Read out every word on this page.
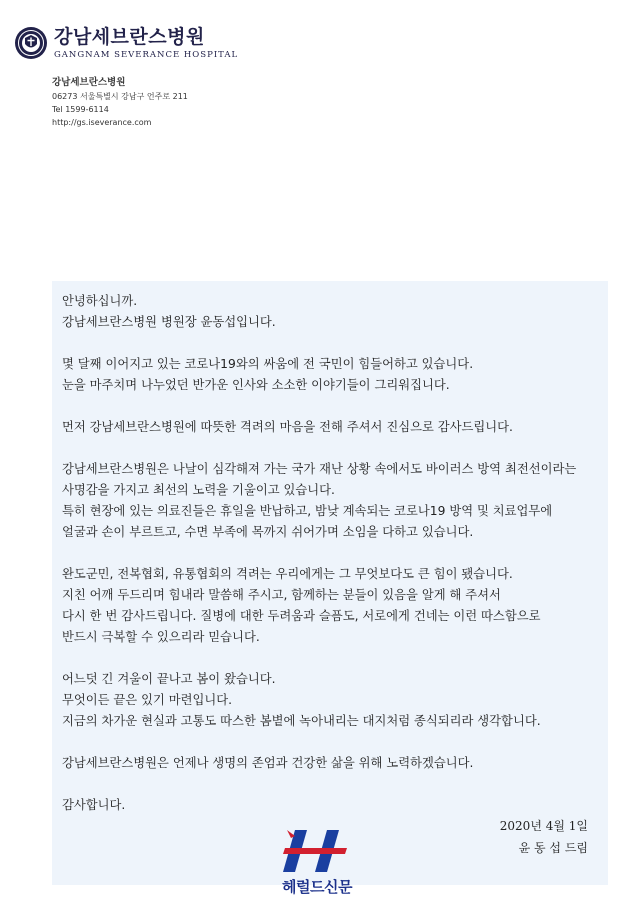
강남세브란스병원
GANGNAM SEVERANCE HOSPITAL
강남세브란스병원
06273 서울특별시 강남구 언주로 211
Tel 1599-6114
http://gs.iseverance.com
안녕하십니까.
강남세브란스병원 병원장 윤동섭입니다.
몇 달째 이어지고 있는 코로나19와의 싸움에 전 국민이 힘들어하고 있습니다.
눈을 마주치며 나누었던 반가운 인사와 소소한 이야기들이 그리워집니다.
먼저 강남세브란스병원에 따뜻한 격려의 마음을 전해 주셔서 진심으로 감사드립니다.
강남세브란스병원은 나날이 심각해져 가는 국가 재난 상황 속에서도 바이러스 방역 최전선이라는
사명감을 가지고 최선의 노력을 기울이고 있습니다.
특히 현장에 있는 의료진들은 휴일을 반납하고, 밤낮 계속되는 코로나19 방역 및 치료업무에
얼굴과 손이 부르트고, 수면 부족에 목까지 쉬어가며 소임을 다하고 있습니다.
완도군민, 전복협회, 유통협회의 격려는 우리에게는 그 무엇보다도 큰 힘이 됐습니다.
지친 어깨 두드리며 힘내라 말씀해 주시고, 함께하는 분들이 있음을 알게 해 주셔서
다시 한 번 감사드립니다. 질병에 대한 두려움과 슬픔도, 서로에게 건네는 이런 따스함으로
반드시 극복할 수 있으리라 믿습니다.
어느덧 긴 겨울이 끝나고 봄이 왔습니다.
무엇이든 끝은 있기 마련입니다.
지금의 차가운 현실과 고통도 따스한 봄볕에 녹아내리는 대지처럼 종식되리라 생각합니다.
강남세브란스병원은 언제나 생명의 존엄과 건강한 삶을 위해 노력하겠습니다.
감사합니다.
2020년 4월 1일
윤 동 섭 드림
헤럴드신문
